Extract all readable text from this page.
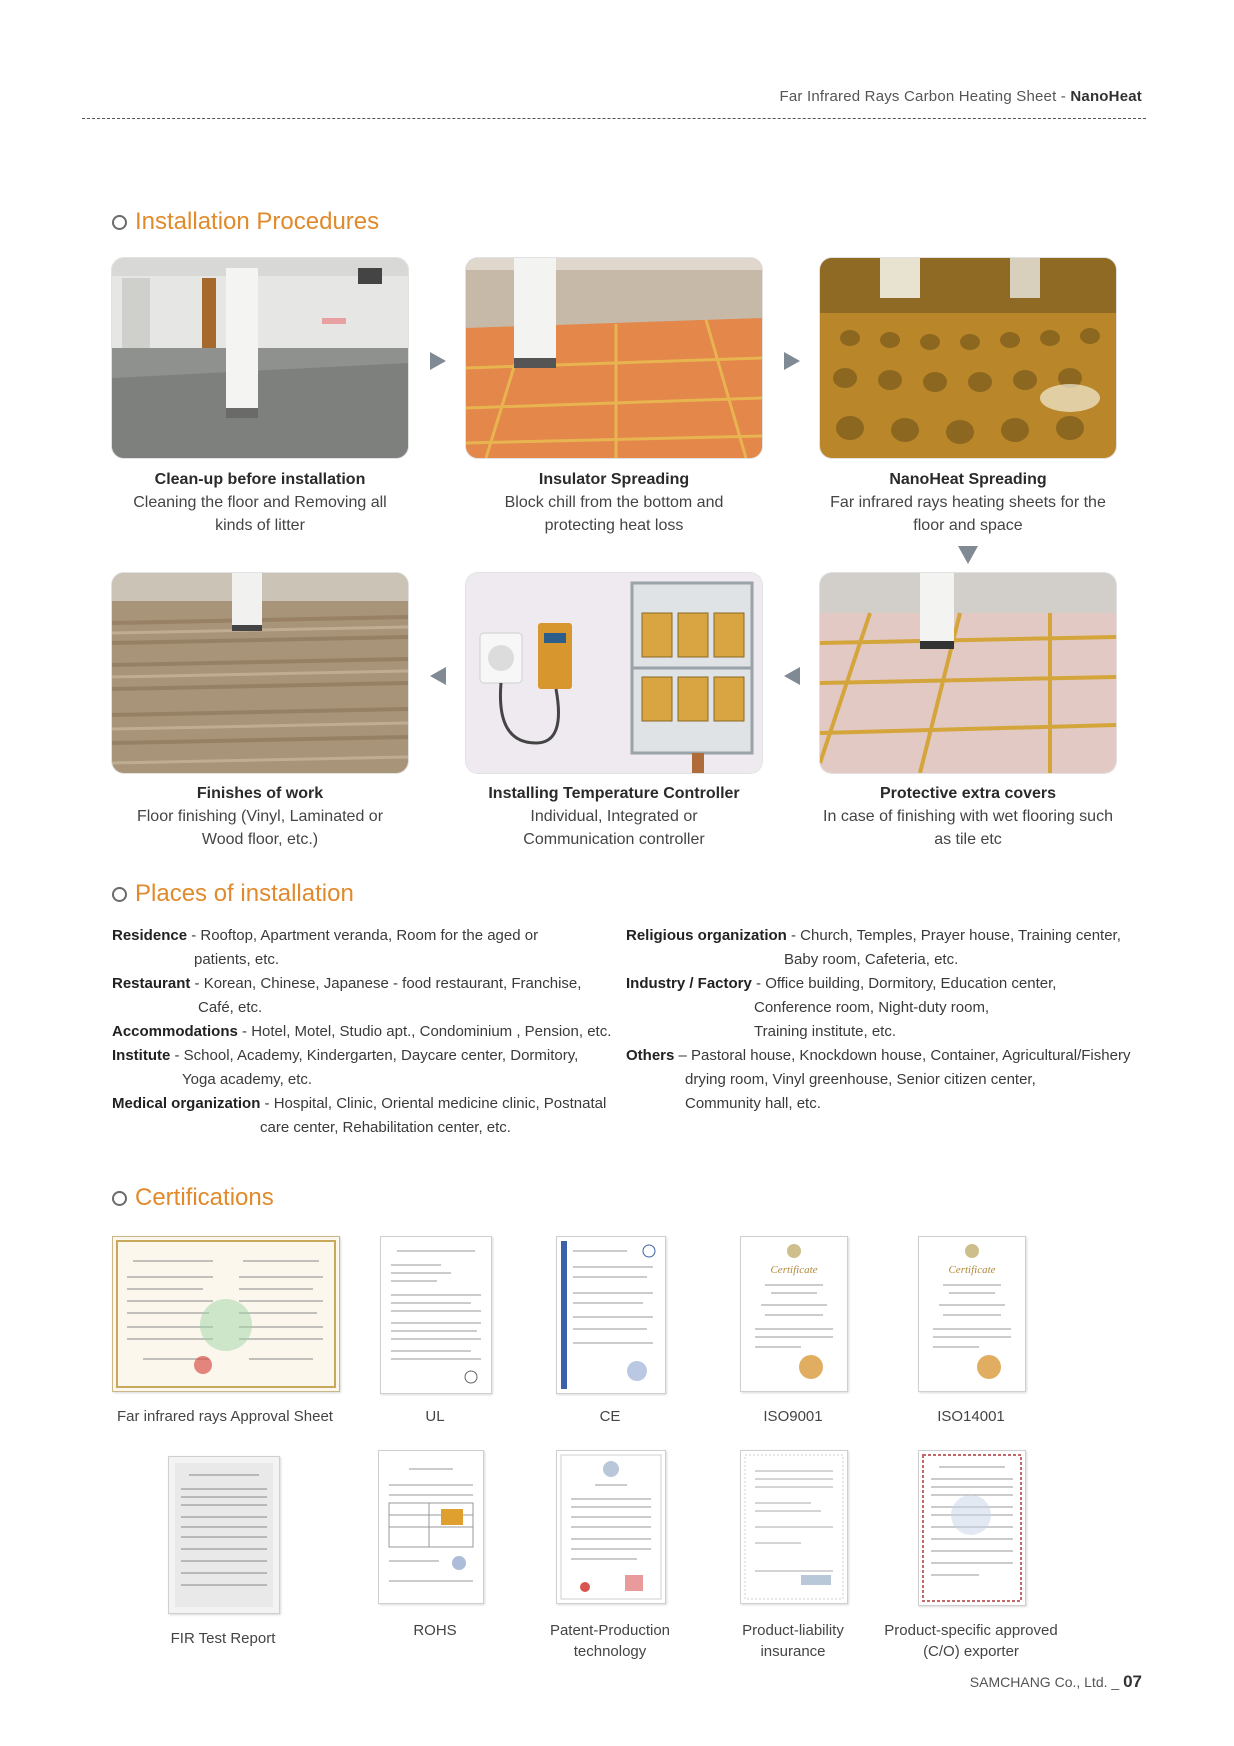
Far Infrared Rays Carbon Heating Sheet - NanoHeat
Installation Procedures
Clean-up before installation
Cleaning the floor and Removing all kinds of litter
Insulator Spreading
Block chill from the bottom and protecting heat loss
NanoHeat Spreading
Far infrared rays heating sheets for the floor and space
Finishes of work
Floor finishing (Vinyl, Laminated or Wood floor, etc.)
Installing Temperature Controller
Individual, Integrated or Communication controller
Protective extra covers
In case of finishing with wet flooring such as tile etc
Places of installation
Residence - Rooftop, Apartment veranda, Room for the aged or
patients, etc.
Restaurant - Korean, Chinese, Japanese - food restaurant, Franchise,
Café, etc.
Accommodations - Hotel, Motel, Studio apt., Condominium , Pension, etc.
Institute - School, Academy, Kindergarten, Daycare center, Dormitory,
Yoga academy, etc.
Medical organization - Hospital, Clinic, Oriental medicine clinic, Postnatal
care center, Rehabilitation center, etc.
Religious organization - Church, Temples, Prayer house, Training center,
Baby room, Cafeteria, etc.
Industry / Factory - Office building, Dormitory, Education center,
Conference room, Night-duty room,
Training institute, etc.
Others – Pastoral house, Knockdown house, Container, Agricultural/Fishery
drying room, Vinyl greenhouse, Senior citizen center,
Community hall, etc.
Certifications
Certificate	Certificate
Far infrared rays Approval Sheet	UL	CE	ISO9001	ISO14001
FIR Test Report	ROHS	Patent-Production technology
Product-liability insurance
Product-specific approved (C/O) exporter
SAMCHANG Co., Ltd. _ 07
